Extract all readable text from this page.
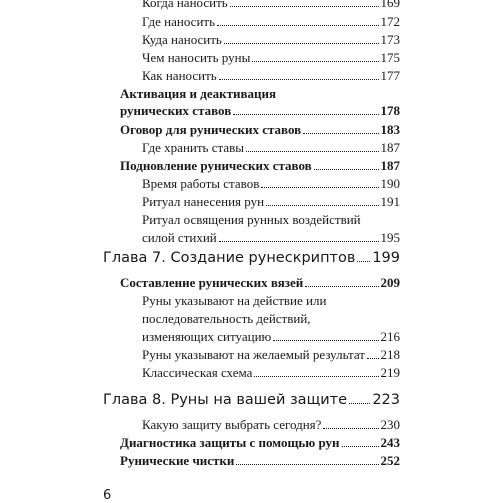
Когда наносить	169
Где наносить	172
Куда наносить	173
Чем наносить руны	175
Как наносить	177
Активация и деактивация
рунических ставов	178
Оговор для рунических ставов	183
Где хранить ставы	187
Подновление рунических ставов	187
Время работы ставов	190
Ритуал нанесения рун	191
Ритуал освящения рунных воздействий
силой стихий	195
Глава 7. Создание рунескриптов 199
Составление рунических вязей	209
Руны указывают на действие или
последовательность действий,
изменяющих ситуацию	216
Руны указывают на желаемый результат 218
Классическая схема	219
Глава 8. Руны на вашей защите 223
Какую защиту выбрать сегодня?	230
Диагностика защиты с помощью рун	243
Рунические чистки	252
6
